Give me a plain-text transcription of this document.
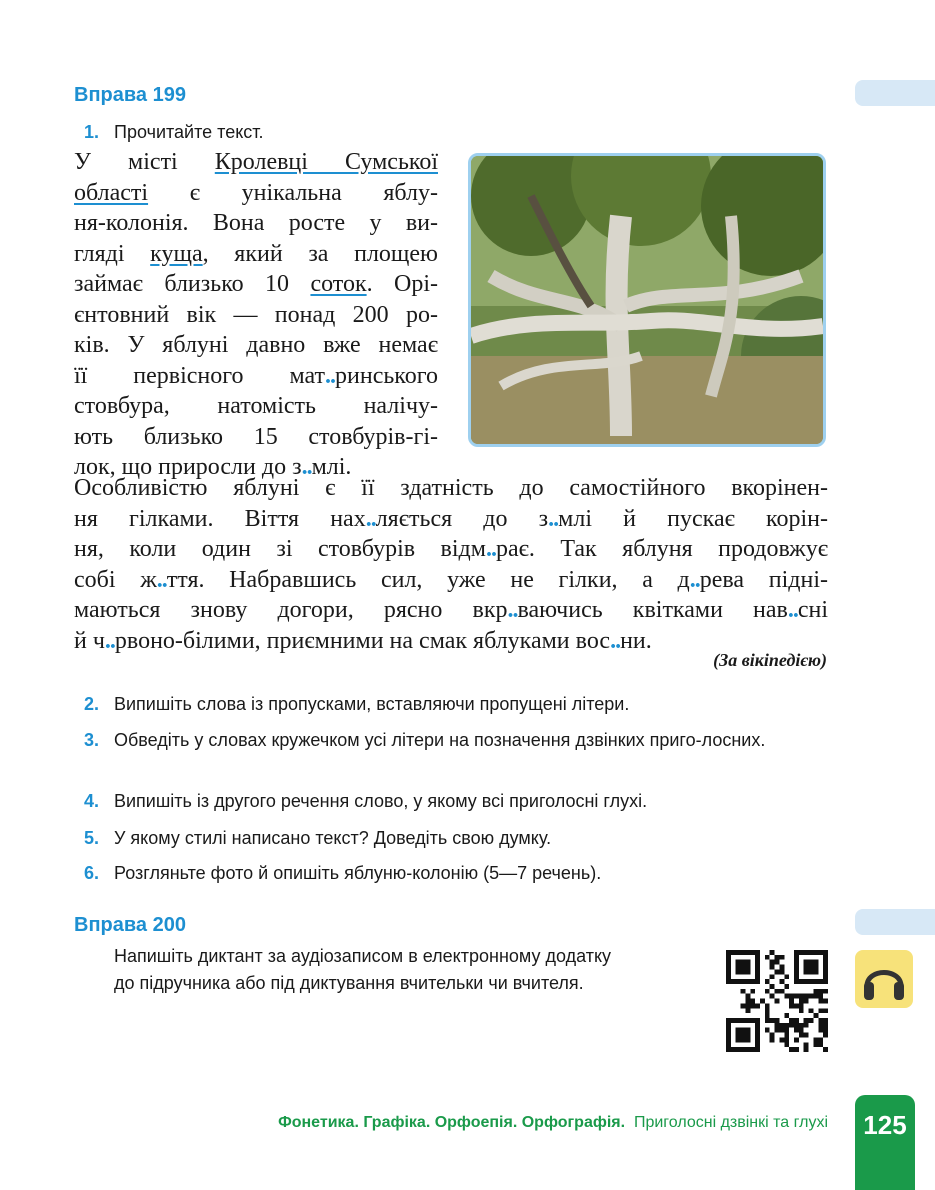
Вправа 199
1. Прочитайте текст.
У місті Кролевці Сумської
області є унікальна яблу-
ня-колонія. Вона росте у ви-
гляді куща, який за площею
займає близько 10 соток. Орі-
єнтовний вік — понад 200 ро-
ків. У яблуні давно вже немає
її первісного мат..ринського
стовбура, натомість налічу-
ють близько 15 стовбурів-гі-
лок, що приросли до з..млі.
Особливістю яблуні є її здатність до самостійного вкорінен-
ня гілками. Віття нах..ляється до з..млі й пускає корін-
ня, коли один зі стовбурів відм..рає. Так яблуня продовжує
собі ж..ття. Набравшись сил, уже не гілки, а д..рева підні-
маються знову догори, рясно вкр..ваючись квітками нав..сні
й ч..рвоно-білими, приємними на смак яблуками вос..ни.
(За вікіпедією)
2. Випишіть слова із пропусками, вставляючи пропущені літери.
3. Обведіть у словах кружечком усі літери на позначення дзвінких приго-лосних.
4. Випишіть із другого речення слово, у якому всі приголосні глухі.
5. У якому стилі написано текст? Доведіть свою думку.
6. Розгляньте фото й опишіть яблуню-колонію (5—7 речень).
Вправа 200
Напишіть диктант за аудіозаписом в електронному додатку
до підручника або під диктування вчительки чи вчителя.
Фонетика. Графіка. Орфоепія. Орфографія. Приголосні дзвінкі та глухі	125
